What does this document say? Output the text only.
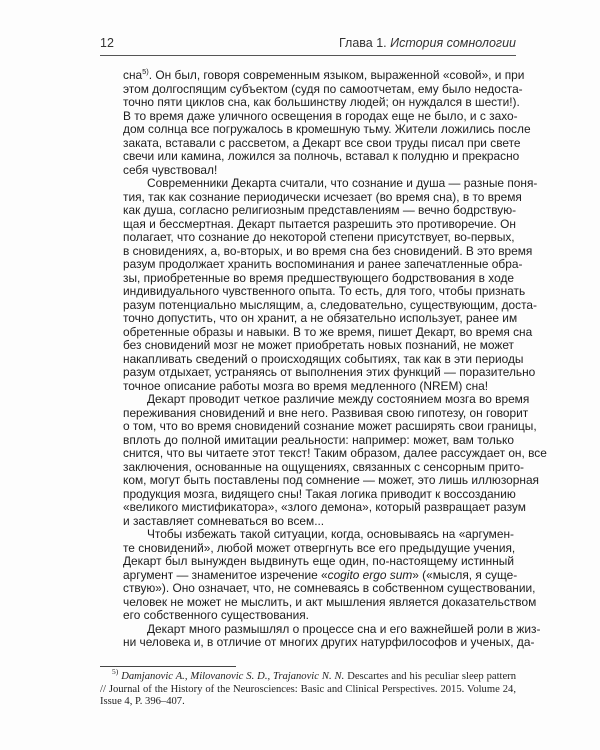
12	Глава 1. История сомнологии
сна$^{5)}$. Он был, говоря современным языком, выраженной «совой», и при
этом долгоспящим субъектом (судя по самоотчетам, ему было недоста-
точно пяти циклов сна, как большинству людей; он нуждался в шести!).
В то время даже уличного освещения в городах еще не было, и с захо-
дом солнца все погружалось в кромешную тьму. Жители ложились после
заката, вставали с рассветом, а Декарт все свои труды писал при свете
свечи или камина, ложился за полночь, вставал к полудню и прекрасно
себя чувствовал!
Современники Декарта считали, что сознание и душа — разные поня-
тия, так как сознание периодически исчезает (во время сна), в то время
как душа, согласно религиозным представлениям — вечно бодрствую-
щая и бессмертная. Декарт пытается разрешить это противоречие. Он
полагает, что сознание до некоторой степени присутствует, во-первых,
в сновидениях, а, во-вторых, и во время сна без сновидений. В это время
разум продолжает хранить воспоминания и ранее запечатленные обра-
зы, приобретенные во время предшествующего бодрствования в ходе
индивидуального чувственного опыта. То есть, для того, чтобы признать
разум потенциально мыслящим, а, следовательно, существующим, доста-
точно допустить, что он хранит, а не обязательно использует, ранее им
обретенные образы и навыки. В то же время, пишет Декарт, во время сна
без сновидений мозг не может приобретать новых познаний, не может
накапливать сведений о происходящих событиях, так как в эти периоды
разум отдыхает, устраняясь от выполнения этих функций — поразительно
точное описание работы мозга во время медленного (NREM) сна!
Декарт проводит четкое различие между состоянием мозга во время
переживания сновидений и вне него. Развивая свою гипотезу, он говорит
о том, что во время сновидений сознание может расширять свои границы,
вплоть до полной имитации реальности: например: может, вам только
снится, что вы читаете этот текст! Таким образом, далее рассуждает он, все
заключения, основанные на ощущениях, связанных с сенсорным прито-
ком, могут быть поставлены под сомнение — может, это лишь иллюзорная
продукция мозга, видящего сны! Такая логика приводит к воссозданию
«великого мистификатора», «злого демона», который развращает разум
и заставляет сомневаться во всем...
Чтобы избежать такой ситуации, когда, основываясь на «аргумен-
те сновидений», любой может отвергнуть все его предыдущие учения,
Декарт был вынужден выдвинуть еще один, по-настоящему истинный
аргумент — знаменитое изречение «cogito ergo sum» («мысля, я суще-
ствую»). Оно означает, что, не сомневаясь в собственном существовании,
человек не может не мыслить, и акт мышления является доказательством
его собственного существования.
Декарт много размышлял о процессе сна и его важнейшей роли в жиз-
ни человека и, в отличие от многих других натурфилософов и ученых, да-
$^{5)}$ Damjanovic A., Milovanovic S. D., Trajanovic N. N. Descartes and his peculiar sleep pattern
// Journal of the History of the Neurosciences: Basic and Clinical Perspectives. 2015. Volume 24,
Issue 4, P. 396–407.
